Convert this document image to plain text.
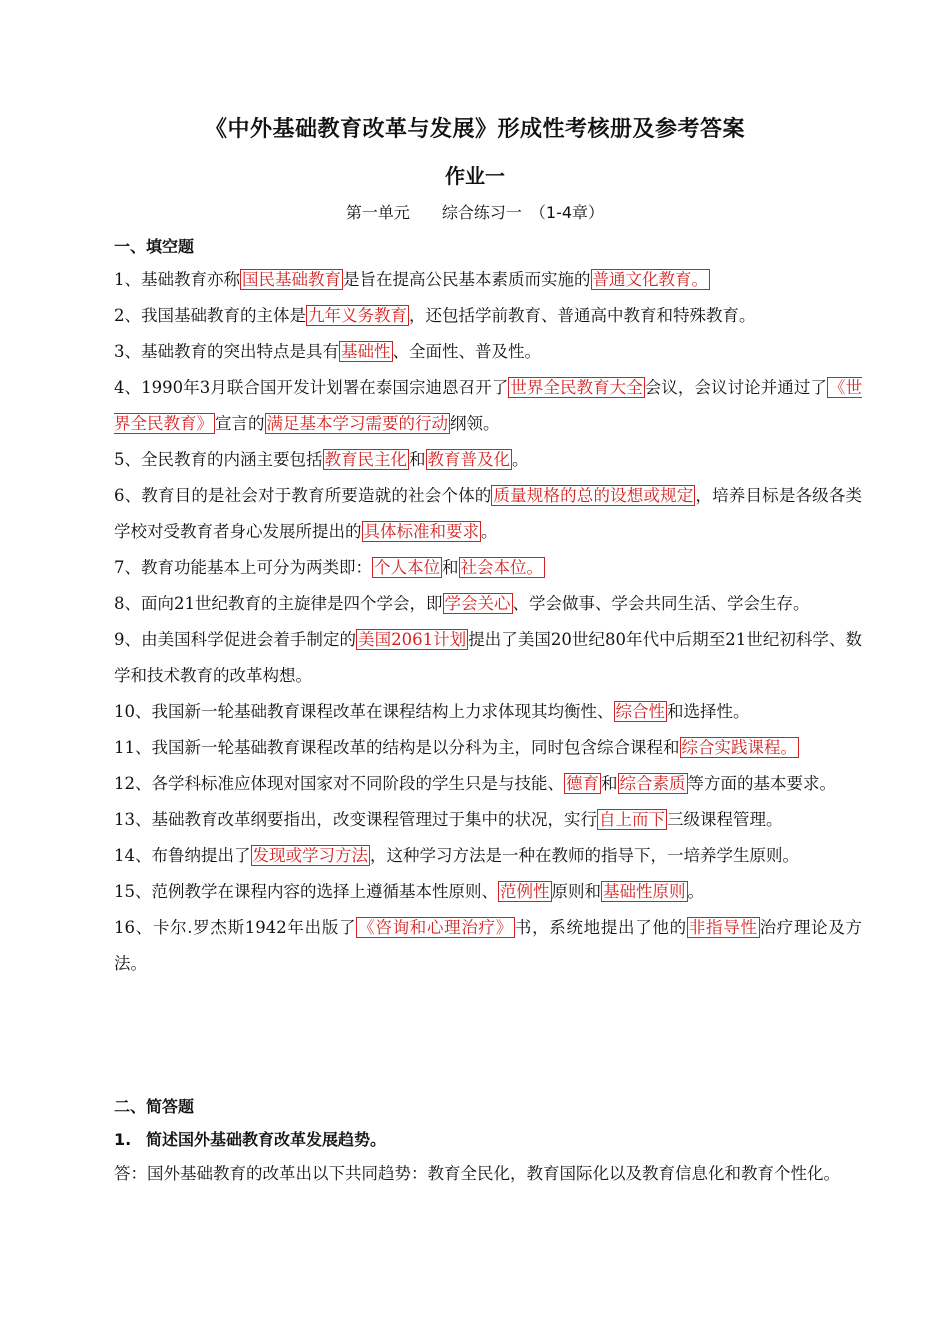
《中外基础教育改革与发展》形成性考核册及参考答案
作业一
第一单元　　综合练习一　（1-4章）
一、填空题

1、基础教育亦称 国民基础教育 是旨在提高公民基本素质而实施的 普通文化教育。

2、我国基础教育的主体是 九年义务教育 ，还包括学前教育、普通高中教育和特殊教育。

3、基础教育的突出特点是具有 基础性 、全面性、普及性。

4、1990年3月联合国开发计划署在泰国宗迪恩召开了 世界全民教育大全 会议，会议讨论并通过了 《世界全民教育》 宣言的 满足基本学习需要的行动 纲领。

5、全民教育的内涵主要包括 教育民主化 和 教育普及化 。

6、教育目的是社会对于教育所要造就的社会个体的 质量规格的总的设想或规定 ，培养目标是各级各类学校对受教育者身心发展所提出的 具体标准和要求 。

7、教育功能基本上可分为两类即： 个人本位 和 社会本位。

8、面向21世纪教育的主旋律是四个学会，即 学会关心 、学会做事、学会共同生活、学会生存。

9、由美国科学促进会着手制定的 美国2061计划 提出了美国20世纪80年代中后期至21世纪初科学、数学和技术教育的改革构想。

10、我国新一轮基础教育课程改革在课程结构上力求体现其均衡性、 综合性 和选择性。

11、我国新一轮基础教育课程改革的结构是以分科为主，同时包含综合课程和 综合实践课程。

12、各学科标准应体现对国家对不同阶段的学生只是与技能、 德育 和 综合素质 等方面的基本要求。

13、基础教育改革纲要指出，改变课程管理过于集中的状况，实行 自上而下 三级课程管理。

14、布鲁纳提出了 发现或学习方法 ，这种学习方法是一种在教师的指导下，一培养学生原则。

15、范例教学在课程内容的选择上遵循基本性原则、 范例性 原则和 基础性原则 。

16、卡尔.罗杰斯1942年出版了 《咨询和心理治疗》 书，系统地提出了他的 非指导性 治疗理论及方法。

二、简答题
1. 简述国外基础教育改革发展趋势。
答：国外基础教育的改革出以下共同趋势：教育全民化，教育国际化以及教育信息化和教育个性化。
